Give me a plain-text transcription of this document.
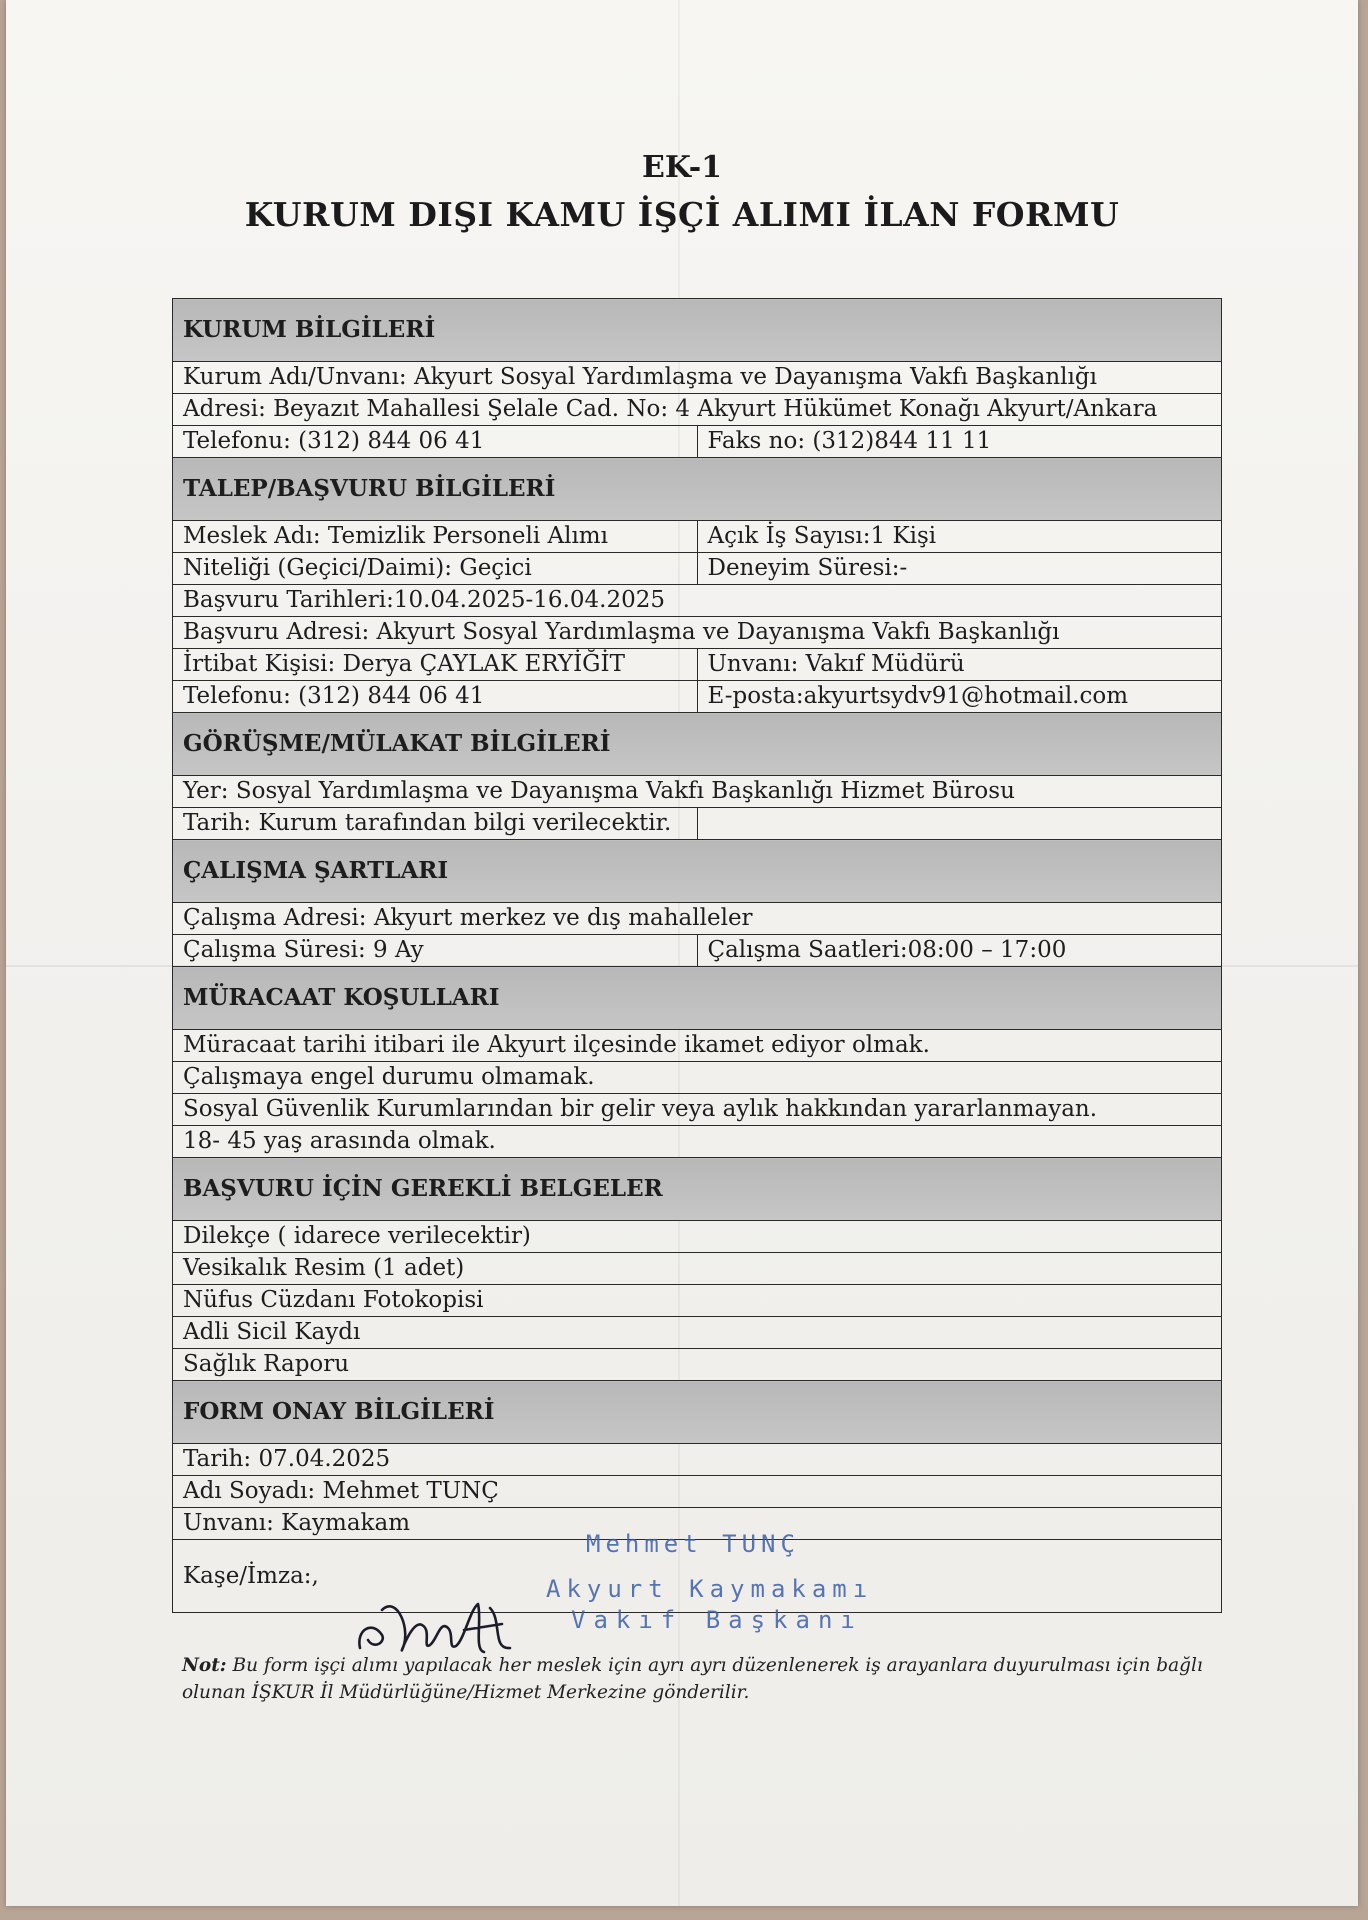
EK-1
KURUM DIŞI KAMU İŞÇİ ALIMI İLAN FORMU
KURUM BİLGİLERİ	
Kurum Adı/Unvanı: Akyurt Sosyal Yardımlaşma ve Dayanışma Vakfı Başkanlığı	
Adresi: Beyazıt Mahallesi Şelale Cad. No: 4 Akyurt Hükümet Konağı Akyurt/Ankara	
Telefonu: (312) 844 06 41	Faks no: (312)844 11 11
TALEP/BAŞVURU BİLGİLERİ	
Meslek Adı: Temizlik Personeli Alımı	Açık İş Sayısı:1 Kişi
Niteliği (Geçici/Daimi): Geçici	Deneyim Süresi:-
Başvuru Tarihleri:10.04.2025-16.04.2025	
Başvuru Adresi: Akyurt Sosyal Yardımlaşma ve Dayanışma Vakfı Başkanlığı	
İrtibat Kişisi: Derya ÇAYLAK ERYİĞİT	Unvanı: Vakıf Müdürü
Telefonu: (312) 844 06 41	E-posta:akyurtsydv91@hotmail.com
GÖRÜŞME/MÜLAKAT BİLGİLERİ	
Yer: Sosyal Yardımlaşma ve Dayanışma Vakfı Başkanlığı Hizmet Bürosu	
Tarih: Kurum tarafından bilgi verilecektir.	
ÇALIŞMA ŞARTLARI	
Çalışma Adresi: Akyurt merkez ve dış mahalleler	
Çalışma Süresi: 9 Ay	Çalışma Saatleri:08:00 – 17:00
MÜRACAAT KOŞULLARI	
Müracaat tarihi itibari ile Akyurt ilçesinde ikamet ediyor olmak.	
Çalışmaya engel durumu olmamak.	
Sosyal Güvenlik Kurumlarından bir gelir veya aylık hakkından yararlanmayan.	
18- 45 yaş arasında olmak.	
BAŞVURU İÇİN GEREKLİ BELGELER	
Dilekçe ( idarece verilecektir)	
Vesikalık Resim (1 adet)	
Nüfus Cüzdanı Fotokopisi	
Adli Sicil Kaydı	
Sağlık Raporu	
FORM ONAY BİLGİLERİ	
Tarih: 07.04.2025	
Adı Soyadı: Mehmet TUNÇ	
Unvanı: Kaymakam	
Kaşe/İmza:,	
Mehmet TUNÇ
Akyurt Kaymakamı
Vakıf Başkanı
Not: Bu form işçi alımı yapılacak her meslek için ayrı ayrı düzenlenerek iş arayanlara duyurulması için bağlı olunan İŞKUR İl Müdürlüğüne/Hizmet Merkezine gönderilir.
